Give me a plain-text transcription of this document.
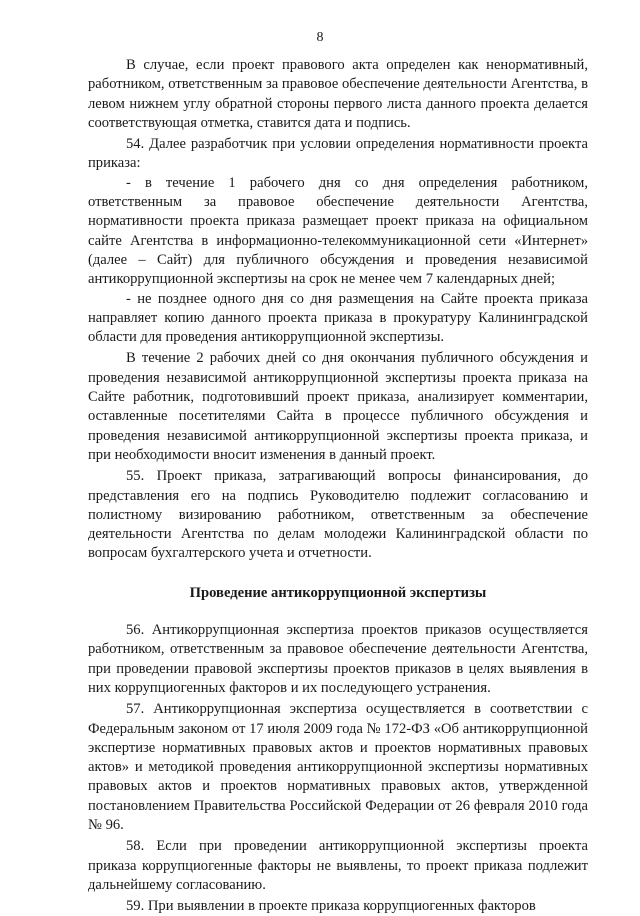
8

В случае, если проект правового акта определен как ненормативный, работником, ответственным за правовое обеспечение деятельности Агентства, в левом нижнем углу обратной стороны первого листа данного проекта делается соответствующая отметка, ставится дата и подпись.

54. Далее разработчик при условии определения нормативности проекта приказа:

- в течение 1 рабочего дня со дня определения работником, ответственным за правовое обеспечение деятельности Агентства, нормативности проекта приказа размещает проект приказа на официальном сайте Агентства в информационно-телекоммуникационной сети «Интернет» (далее – Сайт) для публичного обсуждения и проведения независимой антикоррупционной экспертизы на срок не менее чем 7 календарных дней;

- не позднее одного дня со дня размещения на Сайте проекта приказа направляет копию данного проекта приказа в прокуратуру Калининградской области для проведения антикоррупционной экспертизы.

В течение 2 рабочих дней со дня окончания публичного обсуждения и проведения независимой антикоррупционной экспертизы проекта приказа на Сайте работник, подготовивший проект приказа, анализирует комментарии, оставленные посетителями Сайта в процессе публичного обсуждения и проведения независимой антикоррупционной экспертизы проекта приказа, и при необходимости вносит изменения в данный проект.

55. Проект приказа, затрагивающий вопросы финансирования, до представления его на подпись Руководителю подлежит согласованию и полистному визированию работником, ответственным за обеспечение деятельности Агентства по делам молодежи Калининградской области по вопросам бухгалтерского учета и отчетности.

Проведение антикоррупционной экспертизы

56. Антикоррупционная экспертиза проектов приказов осуществляется работником, ответственным за правовое обеспечение деятельности Агентства, при проведении правовой экспертизы проектов приказов в целях выявления в них коррупциогенных факторов и их последующего устранения.

57. Антикоррупционная экспертиза осуществляется в соответствии с Федеральным законом от 17 июля 2009 года № 172-ФЗ «Об антикоррупционной экспертизе нормативных правовых актов и проектов нормативных правовых актов» и методикой проведения антикоррупционной экспертизы нормативных правовых актов и проектов нормативных правовых актов, утвержденной постановлением Правительства Российской Федерации от 26 февраля 2010 года № 96.

58. Если при проведении антикоррупционной экспертизы проекта приказа коррупциогенные факторы не выявлены, то проект приказа подлежит дальнейшему согласованию.

59. При выявлении в проекте приказа коррупциогенных факторов
